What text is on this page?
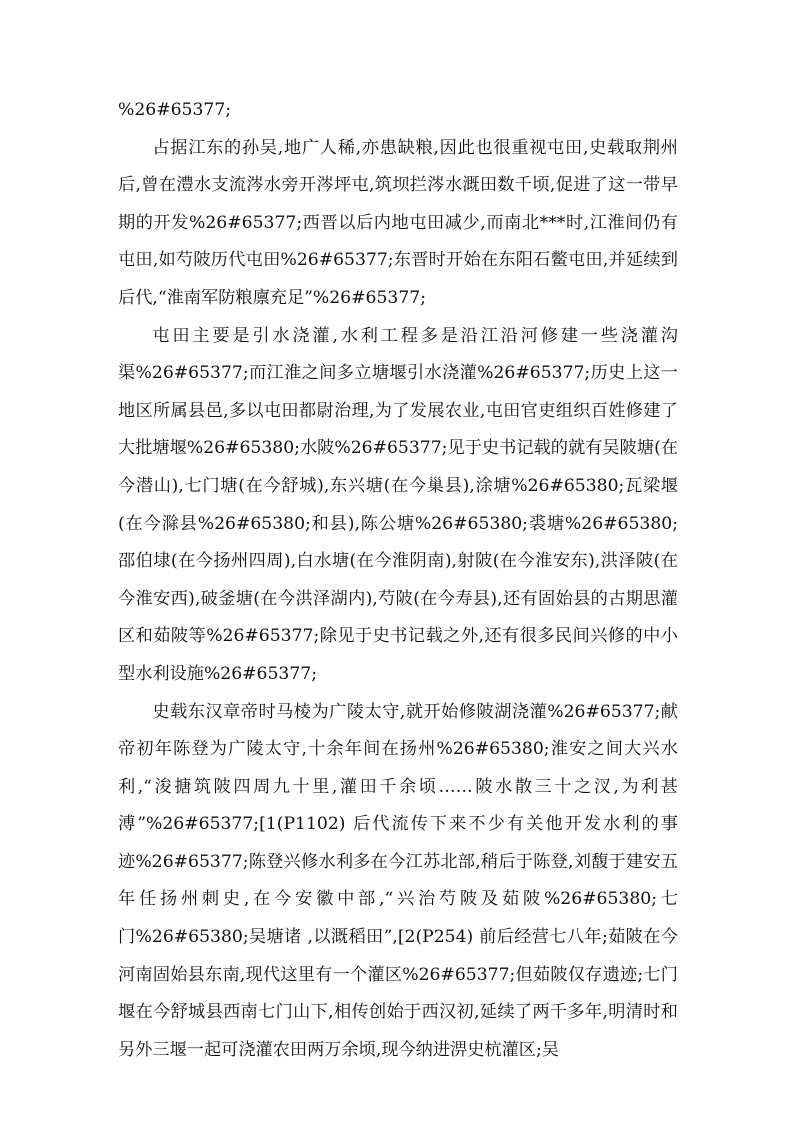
%26#65377;

占据江东的孙吴,地广人稀,亦患缺粮,因此也很重视屯田,史载取荆州后,曾在澧水支流涔水旁开涔坪屯,筑坝拦涔水溉田数千顷,促进了这一带早期的开发%26#65377;西晋以后内地屯田减少,而南北***时,江淮间仍有屯田,如芍陂历代屯田%26#65377;东晋时开始在东阳石鳖屯田,并延续到后代,“淮南军防粮廪充足”%26#65377;

屯田主要是引水浇灌,水利工程多是沿江沿河修建一些浇灌沟渠%26#65377;而江淮之间多立塘堰引水浇灌%26#65377;历史上这一地区所属县邑,多以屯田都尉治理,为了发展农业,屯田官吏组织百姓修建了大批塘堰%26#65380;水陂%26#65377;见于史书记载的就有吴陂塘(在今潜山),七门塘(在今舒城),东兴塘(在今巢县),涂塘%26#65380;瓦梁堰(在今滁县%26#65380;和县),陈公塘%26#65380;裘塘%26#65380;邵伯埭(在今扬州四周),白水塘(在今淮阴南),射陂(在今淮安东),洪泽陂(在今淮安西),破釜塘(在今洪泽湖内),芍陂(在今寿县),还有固始县的古期思灌区和茹陂等%26#65377;除见于史书记载之外,还有很多民间兴修的中小型水利设施%26#65377;

史载东汉章帝时马棱为广陵太守,就开始修陂湖浇灌%26#65377;献帝初年陈登为广陵太守,十余年间在扬州%26#65380;淮安之间大兴水利,“浚搪筑陂四周九十里,灌田千余顷……陂水散三十之汊,为利甚溥”%26#65377;[1(P1102) 后代流传下来不少有关他开发水利的事迹%26#65377;陈登兴修水利多在今江苏北部,稍后于陈登,刘馥于建安五年任扬州刺史,在今安徽中部,“兴治芍陂及茹陂%26#65380;七门%26#65380;吴塘诸 ,以溉稻田”,[2(P254) 前后经营七八年;茹陂在今河南固始县东南,现代这里有一个灌区%26#65377;但茹陂仅存遗迹;七门堰在今舒城县西南七门山下,相传创始于西汉初,延续了两千多年,明清时和另外三堰一起可浇灌农田两万余顷,现今纳进淠史杭灌区;吴
